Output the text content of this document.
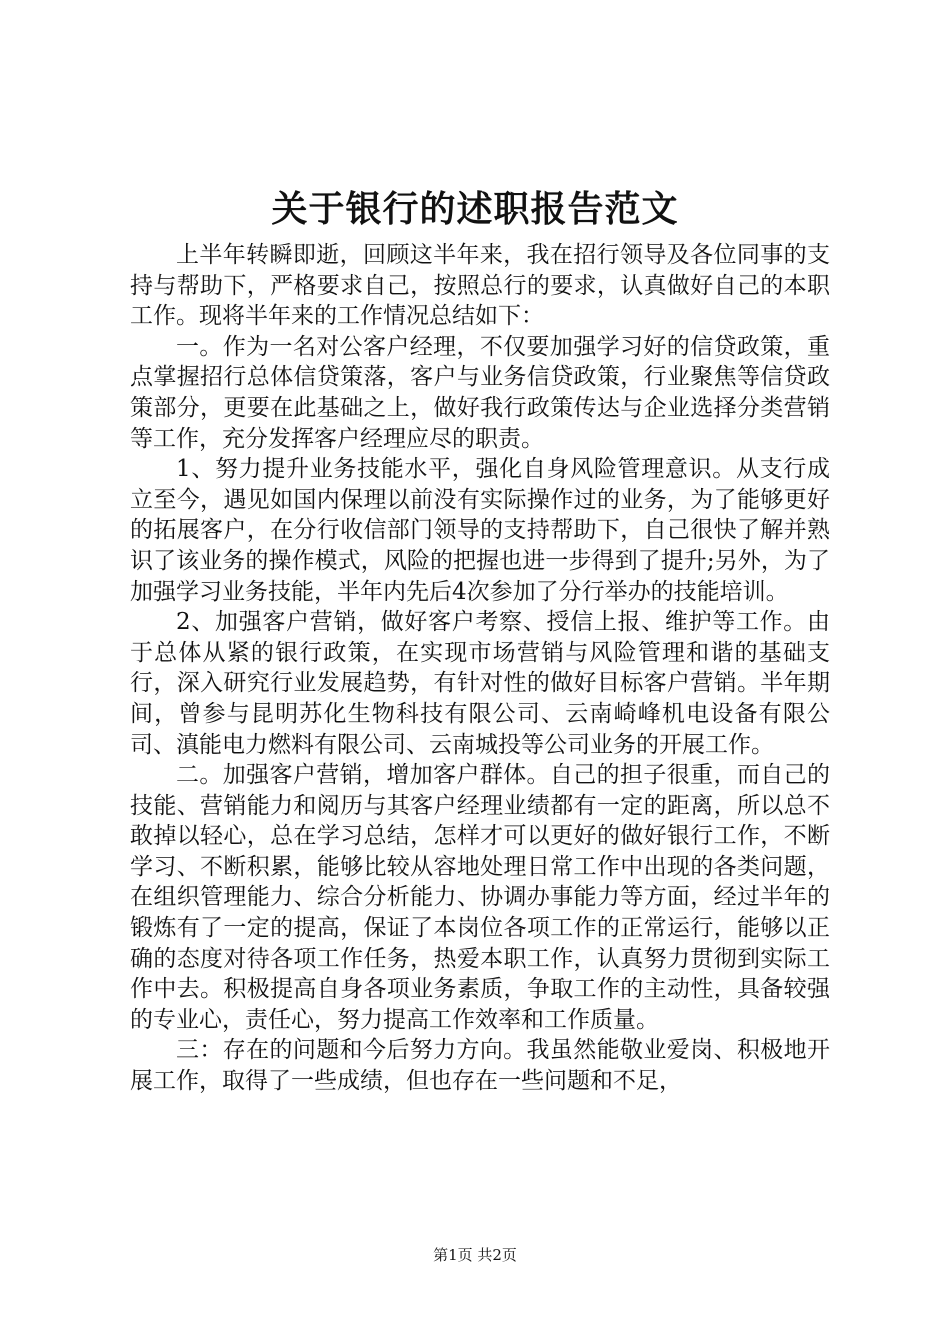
关于银行的述职报告范文

上半年转瞬即逝，回顾这半年来，我在招行领导及各位同事的支持与帮助下，严格要求自己，按照总行的要求，认真做好自己的本职工作。现将半年来的工作情况总结如下：

一。作为一名对公客户经理，不仅要加强学习好的信贷政策，重点掌握招行总体信贷策落，客户与业务信贷政策，行业聚焦等信贷政策部分，更要在此基础之上，做好我行政策传达与企业选择分类营销等工作，充分发挥客户经理应尽的职责。

1、努力提升业务技能水平，强化自身风险管理意识。从支行成立至今，遇见如国内保理以前没有实际操作过的业务，为了能够更好的拓展客户，在分行收信部门领导的支持帮助下，自己很快了解并熟识了该业务的操作模式，风险的把握也进一步得到了提升;另外，为了加强学习业务技能，半年内先后4次参加了分行举办的技能培训。

2、加强客户营销，做好客户考察、授信上报、维护等工作。由于总体从紧的银行政策，在实现市场营销与风险管理和谐的基础支行，深入研究行业发展趋势，有针对性的做好目标客户营销。半年期间，曾参与昆明苏化生物科技有限公司、云南崎峰机电设备有限公司、滇能电力燃料有限公司、云南城投等公司业务的开展工作。

二。加强客户营销，增加客户群体。自己的担子很重，而自己的技能、营销能力和阅历与其客户经理业绩都有一定的距离，所以总不敢掉以轻心，总在学习总结，怎样才可以更好的做好银行工作，不断学习、不断积累，能够比较从容地处理日常工作中出现的各类问题，在组织管理能力、综合分析能力、协调办事能力等方面，经过半年的锻炼有了一定的提高，保证了本岗位各项工作的正常运行，能够以正确的态度对待各项工作任务，热爱本职工作，认真努力贯彻到实际工作中去。积极提高自身各项业务素质，争取工作的主动性，具备较强的专业心，责任心，努力提高工作效率和工作质量。

三：存在的问题和今后努力方向。我虽然能敬业爱岗、积极地开展工作，取得了一些成绩，但也存在一些问题和不足，

第1页 共2页
